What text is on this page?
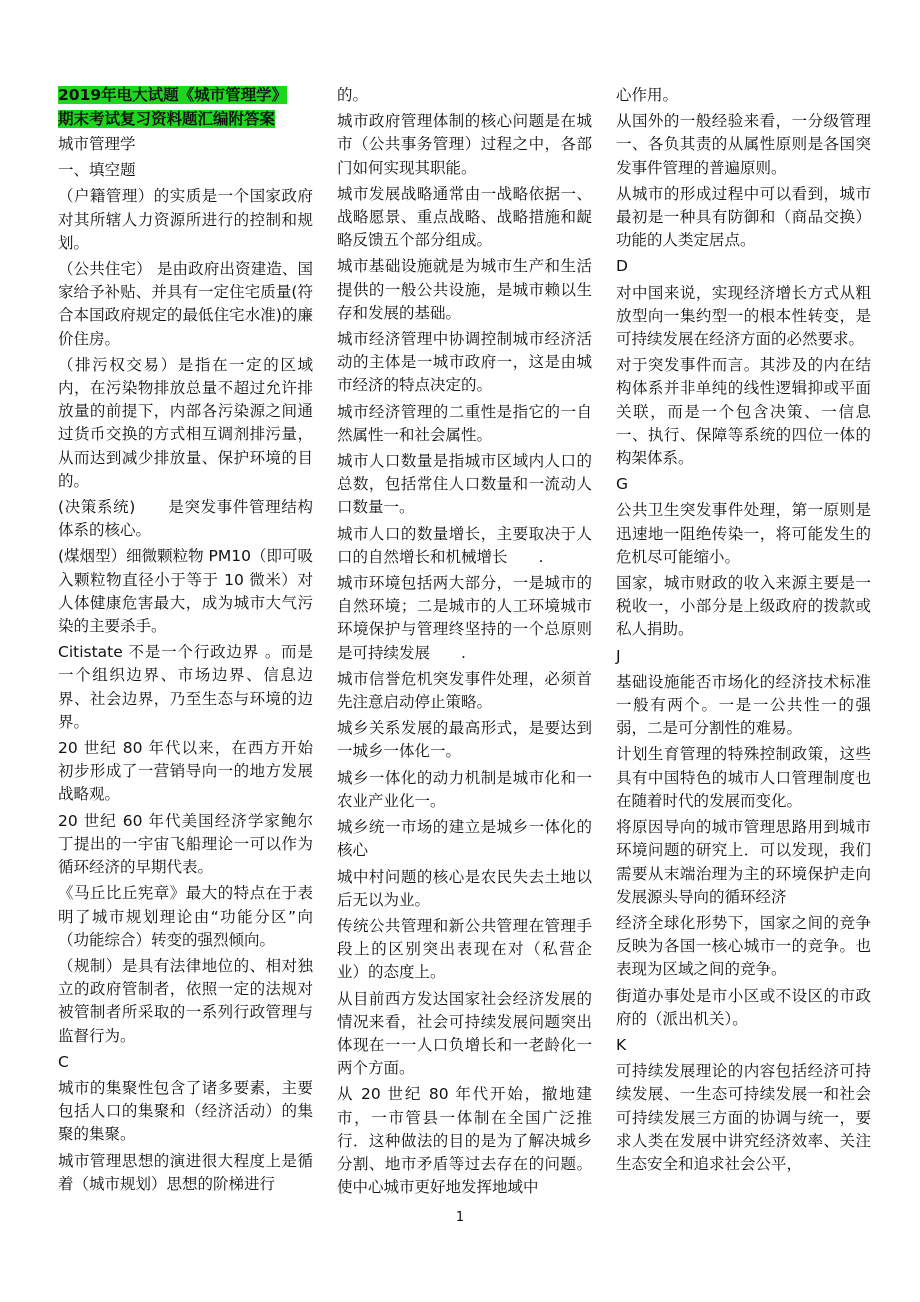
2019年电大试题《城市管理学》
期末考试复习资料题汇编附答案

城市管理学

一、填空题

（户籍管理）的实质是一个国家政府对其所辖人力资源所进行的控制和规划。

（公共住宅） 是由政府出资建造、国家给予补贴、并具有一定住宅质量(符合本国政府规定的最低住宅水准)的廉价住房。

（排污权交易）是指在一定的区域内，在污染物排放总量不超过允许排放量的前提下，内部各污染源之间通过货币交换的方式相互调剂排污量，从而达到减少排放量、保护环境的目的。

(决策系统)　　是突发事件管理结构体系的核心。

(煤烟型）细微颗粒物 PM10（即可吸入颗粒物直径小于等于 10 微米）对人体健康危害最大，成为城市大气污染的主要杀手。

Citistate 不是一个行政边界 。而是一个组织边界、市场边界、信息边界、社会边界，乃至生态与环境的边界。

20 世纪 80 年代以来，在西方开始初步形成了一营销导向一的地方发展战略观。

20 世纪 60 年代美国经济学家鲍尔丁提出的一宇宙飞船理论一可以作为循环经济的早期代表。

《马丘比丘宪章》最大的特点在于表明了城市规划理论由“功能分区”向（功能综合）转变的强烈倾向。

（规制）是具有法律地位的、相对独立的政府管制者，依照一定的法规对被管制者所采取的一系列行政管理与监督行为。

C

城市的集聚性包含了诸多要素，主要包括人口的集聚和（经济活动）的集聚的集聚。

城市管理思想的演进很大程度上是循着（城市规划）思想的阶梯进行

的。

城市政府管理体制的核心问题是在城市（公共事务管理）过程之中，各部门如何实现其职能。

城市发展战略通常由一战略依据一、战略愿景、重点战略、战略措施和龊略反馈五个部分组成。

城市基础设施就是为城市生产和生活提供的一般公共设施，是城市赖以生存和发展的基础。

城市经济管理中协调控制城市经济活动的主体是一城市政府一，这是由城市经济的特点决定的。

城市经济管理的二重性是指它的一自然属性一和社会属性。

城市人口数量是指城市区域内人口的总数，包括常住人口数量和一流动人口数量一。

城市人口的数量增长，主要取决于人口的自然增长和机械增长　　.

城市环境包括两大部分，一是城市的自然环境；二是城市的人工环境城市环境保护与管理终坚持的一个总原则是可持续发展　　.

城市信誉危机突发事件处理，必须首先注意启动停止策略。

城乡关系发展的最高形式，是要达到一城乡一体化一。

城乡一体化的动力机制是城市化和一农业产业化一。

城乡统一市场的建立是城乡一体化的核心

城中村问题的核心是农民失去土地以后无以为业。

传统公共管理和新公共管理在管理手段上的区别突出表现在对（私营企业）的态度上。

从目前西方发达国家社会经济发展的情况来看，社会可持续发展问题突出体现在一一人口负增长和一老龄化一两个方面。

从 20 世纪 80 年代开始，撤地建市，一市管县一体制在全国广泛推行．这种做法的目的是为了解决城乡分割、地市矛盾等过去存在的问题。使中心城市更好地发挥地域中

心作用。

从国外的一般经验来看，一分级管理一、各负其责的从属性原则是各国突发事件管理的普遍原则。

从城市的形成过程中可以看到，城市最初是一种具有防御和（商品交换）功能的人类定居点。

D

对中国来说，实现经济增长方式从粗放型向一集约型一的根本性转变，是可持续发展在经济方面的必然要求。

对于突发事件而言。其涉及的内在结构体系并非单纯的线性逻辑抑或平面关联，而是一个包含决策、一信息一、执行、保障等系统的四位一体的构架体系。

G

公共卫生突发事件处理，第一原则是迅速地一阻绝传染一，将可能发生的危机尽可能缩小。

国家，城市财政的收入来源主要是一税收一，小部分是上级政府的拨款或私人捐助。

J

基础设施能否市场化的经济技术标准一般有两个。一是一公共性一的强弱，二是可分割性的难易。

计划生育管理的特殊控制政策，这些具有中国特色的城市人口管理制度也在随着时代的发展而变化。

将原因导向的城市管理思路用到城市环境问题的研究上．可以发现，我们需要从末端治理为主的环境保护走向发展源头导向的循环经济

经济全球化形势下，国家之间的竞争反映为各国一核心城市一的竞争。也表现为区域之间的竞争。

街道办事处是市小区或不设区的市政府的（派出机关）。

K

可持续发展理论的内容包括经济可持续发展、一生态可持续发展一和社会可持续发展三方面的协调与统一，要求人类在发展中讲究经济效率、关注生态安全和追求社会公平，

1
